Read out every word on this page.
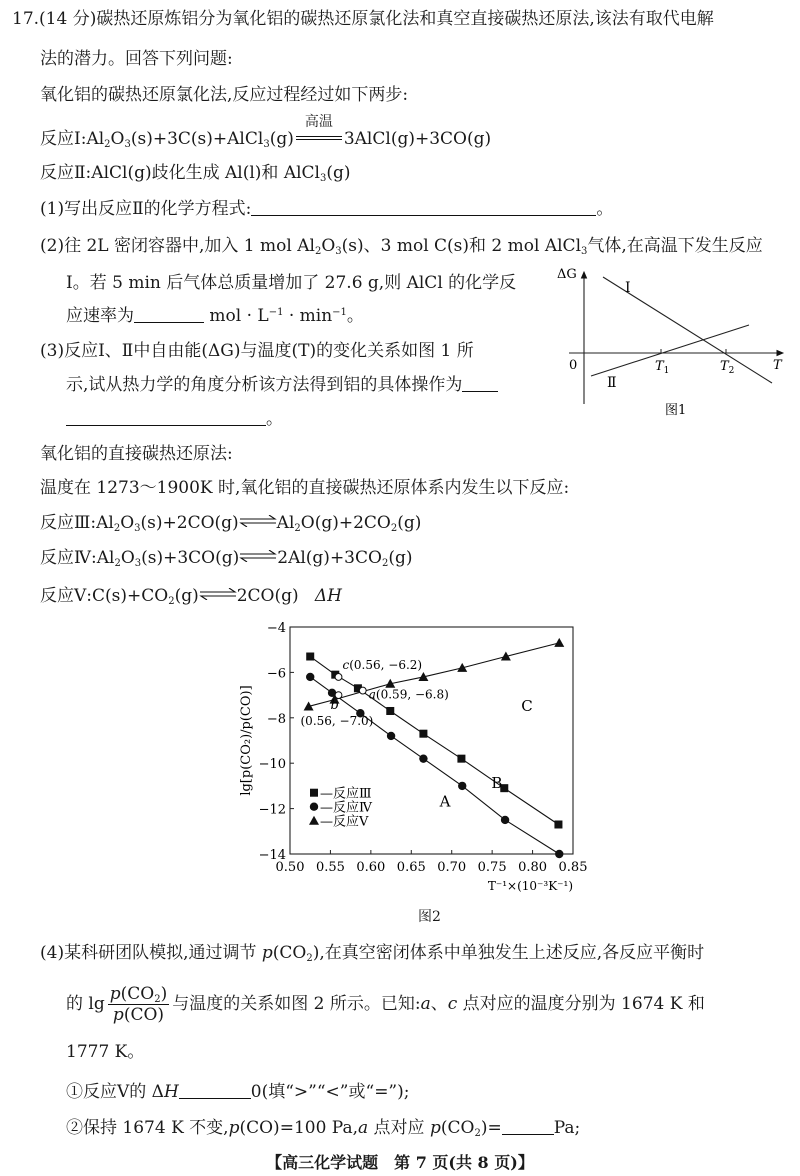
17.(14 分)碳热还原炼铝分为氧化铝的碳热还原氯化法和真空直接碳热还原法,该法有取代电解
法的潜力。回答下列问题:
氧化铝的碳热还原氯化法,反应过程经过如下两步:
反应$Ⅰ:Al_2O_3(s)+3C(s)+AlCl_3(g)$
高温
3AlCl(g)+3CO(g)
反应Ⅱ:AlCl(g)歧化生成 Al(l)和 AlCl$_3$(g)
(1)写出反应Ⅱ的化学方程式:	。
(2)往 2L 密闭容器中,加入 1 mol $Al_2O_3(s)$、3 mol C(s)和 2 mol AlCl$_3$气体,在高温下发生反应
Ⅰ。若 5 min 后气体总质量增加了 27.6 g,则 AlCl 的化学反
应速率为	mol · $L^{-1} \cdot \min^{-1}$。
(3)反应Ⅰ、Ⅱ中自由能(ΔG)与温度(T)的变化关系如图 1 所
示,试从热力学的角度分析该方法得到铝的具体操作为
。
ΔG
0	T
$T_1$	$T_2$
Ⅰ
Ⅱ
图1
氧化铝的直接碳热还原法:
温度在 1273～1900K 时,氧化铝的直接碳热还原体系内发生以下反应:
反应$Ⅲ:Al_2O_3(s)+2CO(g)\rightleftharpoons Al_2O(g)+2CO_2(g)$
反应$Ⅳ:Al_2O_3(s)+3CO(g)\rightleftharpoons 2Al(g)+3CO_2(g)$
反应$Ⅴ:C(s)+CO_2(g)\rightleftharpoons 2CO(g)$ ΔH
0.50 0.55 0.60 0.65 0.70 0.75 0.80 0.85
−4
−6
−8
−10
−12
−14
c(0.56, −6.2)
a(0.59, −6.8)
b
(0.56, −7.0)
lg[p(CO₂)/p(CO)]
T⁻¹×(10⁻³K⁻¹)
—反应Ⅲ
—反应Ⅳ
—反应Ⅴ
A
B
C
图2
(4)某科研团队模拟,通过调节 $p(CO_2)$,在真空密闭体系中单独发生上述反应,各反应平衡时
的 $\lg \frac{p(CO_2)}{p(CO)}$ 与温度的关系如图 2 所示。已知:a、c 点对应的温度分别为 1674 K 和
1777 K。
①反应Ⅴ的 ΔH	0(填“>”“<”或“=”);
②保持 1674 K 不变,p(CO)=100 Pa,a 点对应 $p(CO_2)=$	Pa;
【高三化学试题　第 7 页(共 8 页)】
